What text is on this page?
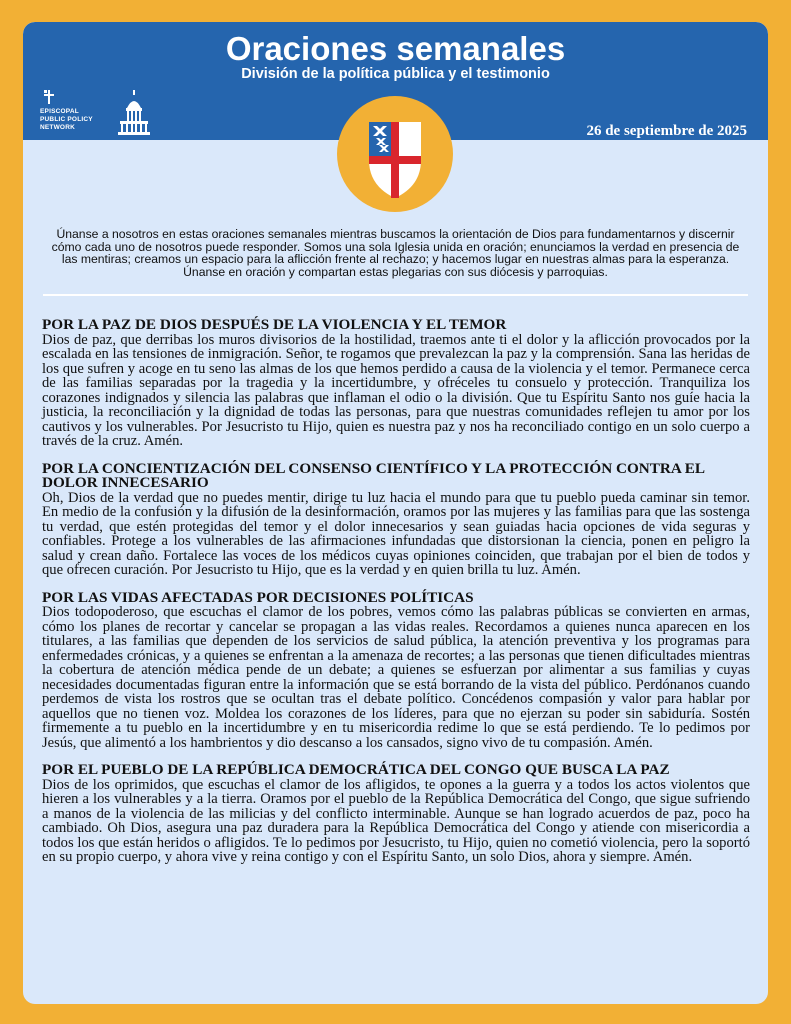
Oraciones semanales
División de la política pública y el testimonio
EPISCOPAL
PUBLIC POLICY
NETWORK	26 de septiembre de 2025
Únanse a nosotros en estas oraciones semanales mientras buscamos la orientación de Dios para fundamentarnos y discernir cómo cada uno de nosotros puede responder. Somos una sola Iglesia unida en oración; enunciamos la verdad en presencia de las mentiras; creamos un espacio para la aflicción frente al rechazo; y hacemos lugar en nuestras almas para la esperanza. Únanse en oración y compartan estas plegarias con sus diócesis y parroquias.
POR LA PAZ DE DIOS DESPUÉS DE LA VIOLENCIA Y EL TEMOR

Dios de paz, que derribas los muros divisorios de la hostilidad, traemos ante ti el dolor y la aflicción provocados por la escalada en las tensiones de inmigración. Señor, te rogamos que prevalezcan la paz y la comprensión. Sana las heridas de los que sufren y acoge en tu seno las almas de los que hemos perdido a causa de la violencia y el temor. Permanece cerca de las familias separadas por la tragedia y la incertidumbre, y ofréceles tu consuelo y protección. Tranquiliza los corazones indignados y silencia las palabras que inflaman el odio o la división. Que tu Espíritu Santo nos guíe hacia la justicia, la reconciliación y la dignidad de todas las personas, para que nuestras comunidades reflejen tu amor por los cautivos y los vulnerables. Por Jesucristo tu Hijo, quien es nuestra paz y nos ha reconciliado contigo en un solo cuerpo a través de la cruz. Amén.

POR LA CONCIENTIZACIÓN DEL CONSENSO CIENTÍFICO Y LA PROTECCIÓN CONTRA EL DOLOR INNECESARIO

Oh, Dios de la verdad que no puedes mentir, dirige tu luz hacia el mundo para que tu pueblo pueda caminar sin temor. En medio de la confusión y la difusión de la desinformación, oramos por las mujeres y las familias para que las sostenga tu verdad, que estén protegidas del temor y el dolor innecesarios y sean guiadas hacia opciones de vida seguras y confiables. Protege a los vulnerables de las afirmaciones infundadas que distorsionan la ciencia, ponen en peligro la salud y crean daño. Fortalece las voces de los médicos cuyas opiniones coinciden, que trabajan por el bien de todos y que ofrecen curación. Por Jesucristo tu Hijo, que es la verdad y en quien brilla tu luz. Amén.

POR LAS VIDAS AFECTADAS POR DECISIONES POLÍTICAS

Dios todopoderoso, que escuchas el clamor de los pobres, vemos cómo las palabras públicas se convierten en armas, cómo los planes de recortar y cancelar se propagan a las vidas reales. Recordamos a quienes nunca aparecen en los titulares, a las familias que dependen de los servicios de salud pública, la atención preventiva y los programas para enfermedades crónicas, y a quienes se enfrentan a la amenaza de recortes; a las personas que tienen dificultades mientras la cobertura de atención médica pende de un debate; a quienes se esfuerzan por alimentar a sus familias y cuyas necesidades documentadas figuran entre la información que se está borrando de la vista del público. Perdónanos cuando perdemos de vista los rostros que se ocultan tras el debate político. Concédenos compasión y valor para hablar por aquellos que no tienen voz. Moldea los corazones de los líderes, para que no ejerzan su poder sin sabiduría. Sostén firmemente a tu pueblo en la incertidumbre y en tu misericordia redime lo que se está perdiendo. Te lo pedimos por Jesús, que alimentó a los hambrientos y dio descanso a los cansados, signo vivo de tu compasión. Amén.

POR EL PUEBLO DE LA REPÚBLICA DEMOCRÁTICA DEL CONGO QUE BUSCA LA PAZ

Dios de los oprimidos, que escuchas el clamor de los afligidos, te opones a la guerra y a todos los actos violentos que hieren a los vulnerables y a la tierra. Oramos por el pueblo de la República Democrática del Congo, que sigue sufriendo a manos de la violencia de las milicias y del conflicto interminable. Aunque se han logrado acuerdos de paz, poco ha cambiado. Oh Dios, asegura una paz duradera para la República Democrática del Congo y atiende con misericordia a todos los que están heridos o afligidos. Te lo pedimos por Jesucristo, tu Hijo, quien no cometió violencia, pero la soportó en su propio cuerpo, y ahora vive y reina contigo y con el Espíritu Santo, un solo Dios, ahora y siempre. Amén.
